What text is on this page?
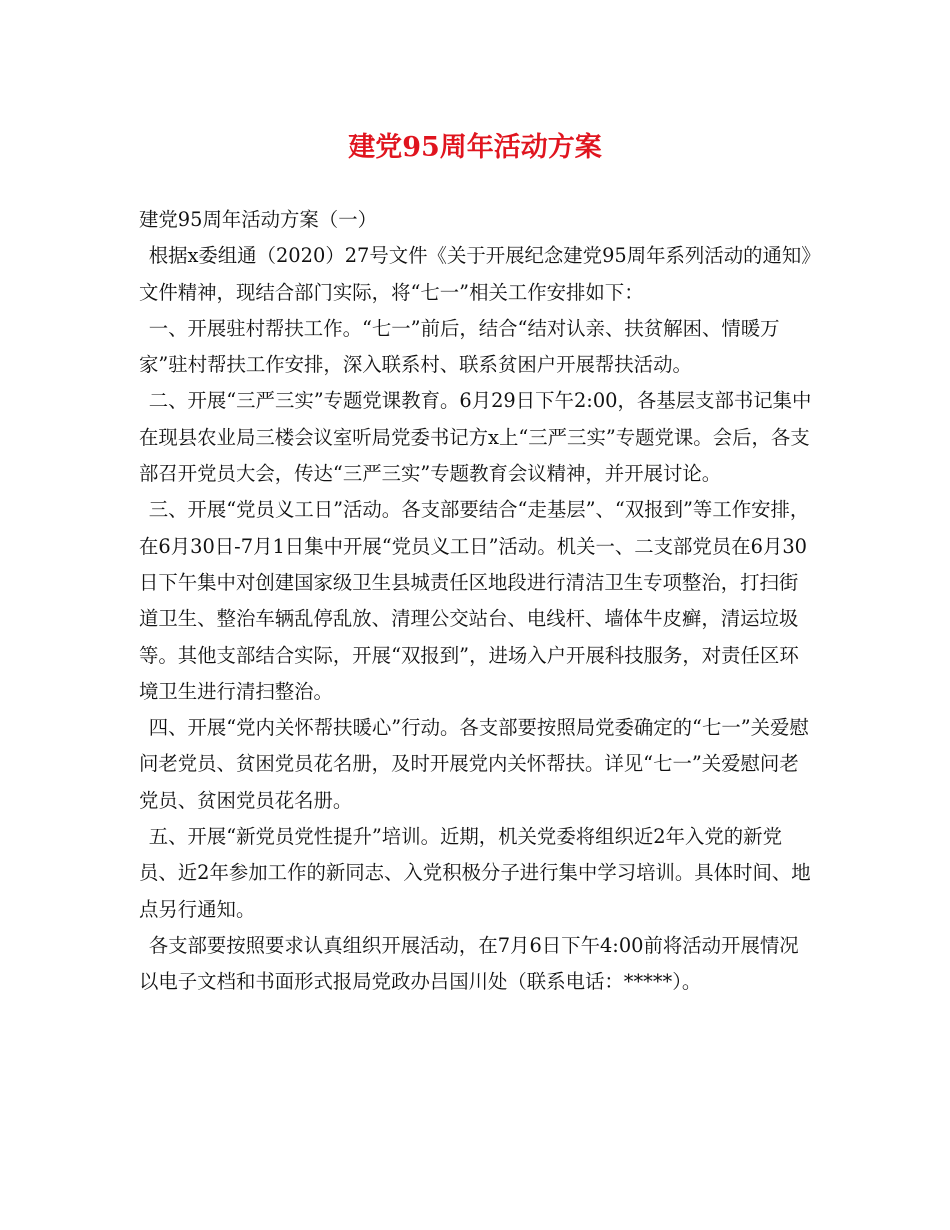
建党95周年活动方案

建党95周年活动方案（一）

根据x委组通（2020）27号文件《关于开展纪念建党95周年系列活动的通知》文件精神，现结合部门实际，将“七一”相关工作安排如下：

一、开展驻村帮扶工作。“七一”前后，结合“结对认亲、扶贫解困、情暖万家”驻村帮扶工作安排，深入联系村、联系贫困户开展帮扶活动。

二、开展“三严三实”专题党课教育。6月29日下午2:00，各基层支部书记集中在现县农业局三楼会议室听局党委书记方x上“三严三实”专题党课。会后，各支部召开党员大会，传达“三严三实”专题教育会议精神，并开展讨论。

三、开展“党员义工日”活动。各支部要结合“走基层”、“双报到”等工作安排，在6月30日-7月1日集中开展“党员义工日”活动。机关一、二支部党员在6月30日下午集中对创建国家级卫生县城责任区地段进行清洁卫生专项整治，打扫街道卫生、整治车辆乱停乱放、清理公交站台、电线杆、墙体牛皮癣，清运垃圾等。其他支部结合实际，开展“双报到”，进场入户开展科技服务，对责任区环境卫生进行清扫整治。

四、开展“党内关怀帮扶暖心”行动。各支部要按照局党委确定的“七一”关爱慰问老党员、贫困党员花名册，及时开展党内关怀帮扶。详见“七一”关爱慰问老党员、贫困党员花名册。

五、开展“新党员党性提升”培训。近期，机关党委将组织近2年入党的新党员、近2年参加工作的新同志、入党积极分子进行集中学习培训。具体时间、地点另行通知。

各支部要按照要求认真组织开展活动，在7月6日下午4:00前将活动开展情况以电子文档和书面形式报局党政办吕国川处（联系电话：*****）。
